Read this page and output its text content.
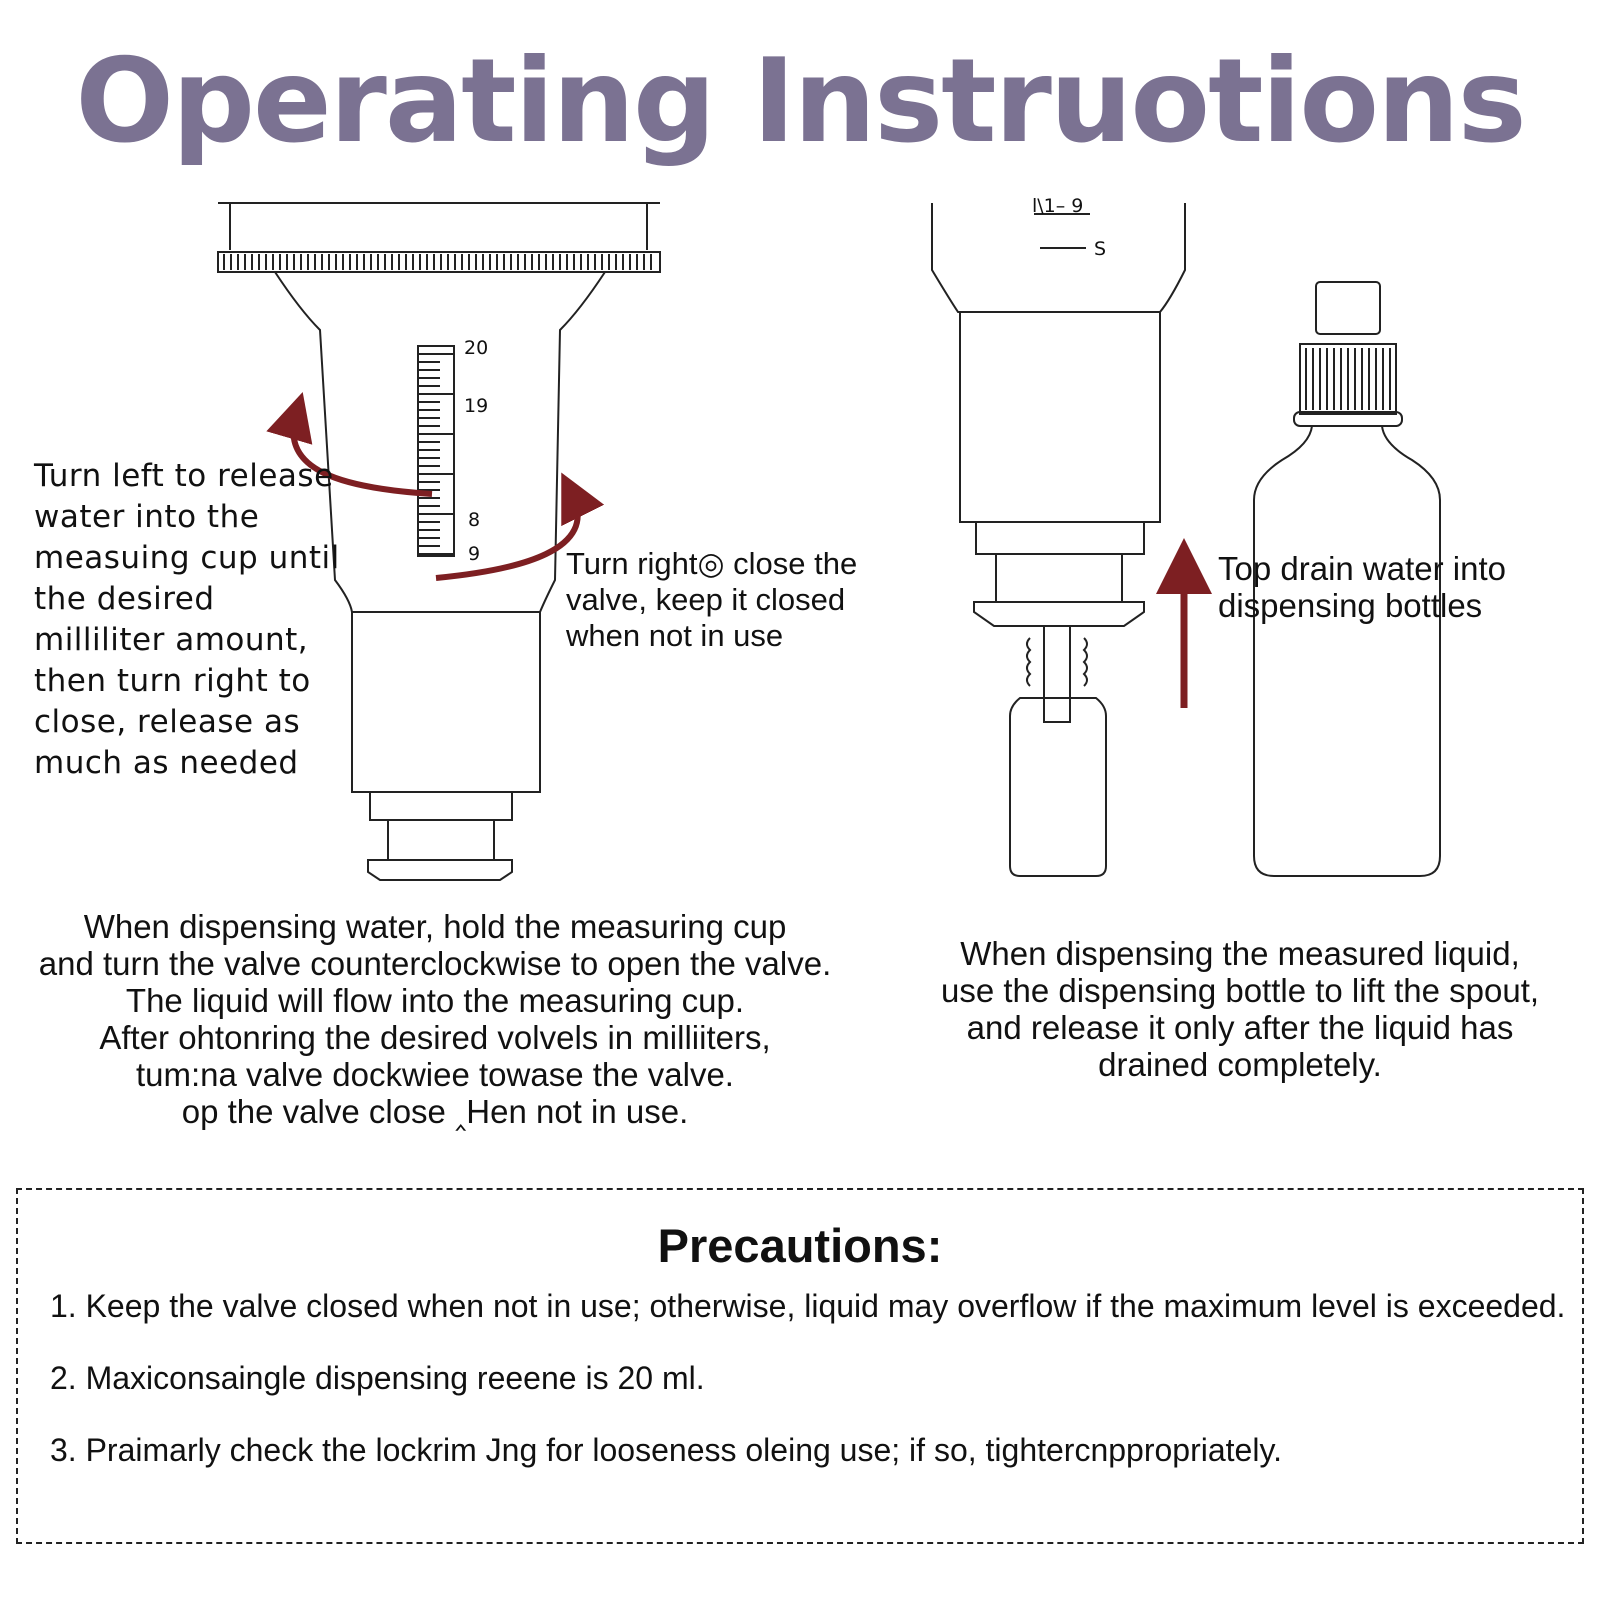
Operating Instruotions
20
19
8
9
l\1– 9
S

Turn left to release water into the measuing cup until the desired milliliter amount, then turn right to close, release as much as needed

Turn right◎ close the valve, keep it closed when not in use

Top drain water into dispensing bottles

When dispensing water, hold the measuring cup
and turn the valve counterclockwise to open the valve.
The liquid will flow into the measuring cup.
After ohtonring the desired volvels in milliiters,
tum:na valve dockwiee towase the valve.
op the valve close ‸Hen not in use.
When dispensing the measured liquid,
use the dispensing bottle to lift the spout,
and release it only after the liquid has
drained completely.
Precautions:
1. Keep the valve closed when not in use; otherwise, liquid may overflow if the maximum level is exceeded.
2. Maxiconsaingle dispensing reeene is 20 ml.
3. Praimarly check the lockrim Jng for looseness oleing use; if so, tightercnppropriately.
